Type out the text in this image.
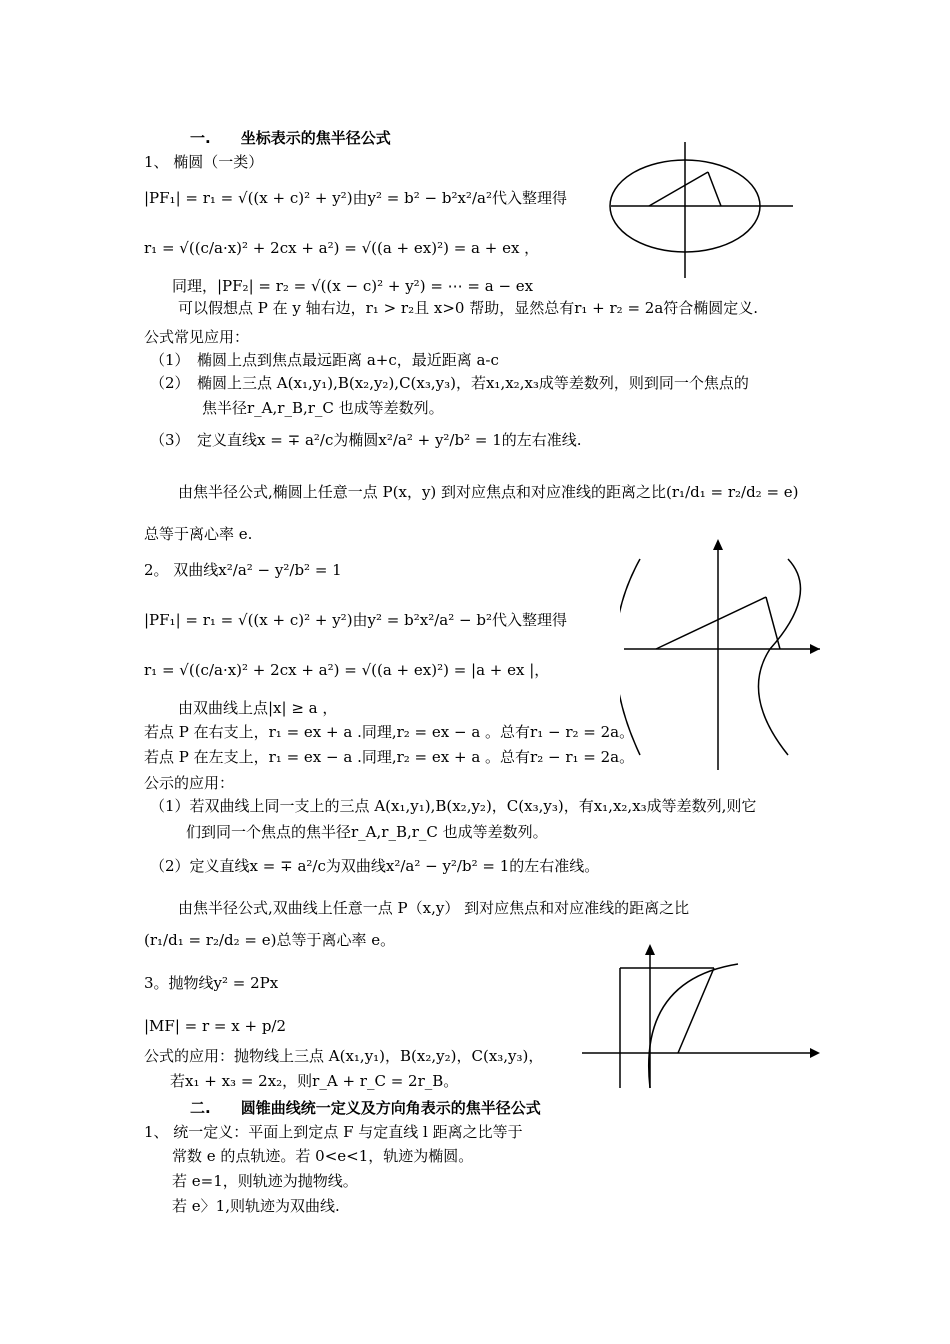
一.　　坐标表示的焦半径公式
1、 椭圆（一类）
|PF₁| = r₁ = √((x + c)² + y²)由y² = b² − b²x²/a²代入整理得
r₁ = √((c/a·x)² + 2cx + a²) = √((a + ex)²) = a + ex ，
同理，|PF₂| = r₂ = √((x − c)² + y²) = ⋯ = a − ex
可以假想点 P 在 y 轴右边，r₁ > r₂且 x>0 帮助，显然总有r₁ + r₂ = 2a符合椭圆定义.
公式常见应用：
（1）　椭圆上点到焦点最远距离 a+c，最近距离 a-c
（2）　椭圆上三点 A(x₁,y₁),B(x₂,y₂),C(x₃,y₃)，若x₁,x₂,x₃成等差数列，则到同一个焦点的
焦半径r_A,r_B,r_C 也成等差数列。
（3）　定义直线x = ∓ a²/c为椭圆x²/a² + y²/b² = 1的左右准线.
由焦半径公式,椭圆上任意一点 P(x，y) 到对应焦点和对应准线的距离之比(r₁/d₁ = r₂/d₂ = e)
总等于离心率 e.
2。 双曲线x²/a² − y²/b² = 1
|PF₁| = r₁ = √((x + c)² + y²)由y² = b²x²/a² − b²代入整理得
r₁ = √((c/a·x)² + 2cx + a²) = √((a + ex)²) = |a + ex |，
由双曲线上点|x| ≥ a ，
若点 P 在右支上，r₁ = ex + a .同理,r₂ = ex − a 。总有r₁ − r₂ = 2a。
若点 P 在左支上，r₁ = ex − a .同理,r₂ = ex + a 。总有r₂ − r₁ = 2a。
公示的应用：
（1）若双曲线上同一支上的三点 A(x₁,y₁),B(x₂,y₂)，C(x₃,y₃)，有x₁,x₂,x₃成等差数列,则它
们到同一个焦点的焦半径r_A,r_B,r_C 也成等差数列。
（2）定义直线x = ∓ a²/c为双曲线x²/a² − y²/b² = 1的左右准线。
由焦半径公式,双曲线上任意一点 P（x,y） 到对应焦点和对应准线的距离之比
(r₁/d₁ = r₂/d₂ = e)总等于离心率 e。
3。抛物线y² = 2Px
|MF| = r = x + p/2
公式的应用：抛物线上三点 A(x₁,y₁)，B(x₂,y₂)，C(x₃,y₃)，
若x₁ + x₃ = 2x₂，则r_A + r_C = 2r_B。
二.　　圆锥曲线统一定义及方向角表示的焦半径公式
1、 统一定义：平面上到定点 F 与定直线 l 距离之比等于
常数 e 的点轨迹。若 0<e<1，轨迹为椭圆。
若 e=1，则轨迹为抛物线。
若 e〉1,则轨迹为双曲线.
